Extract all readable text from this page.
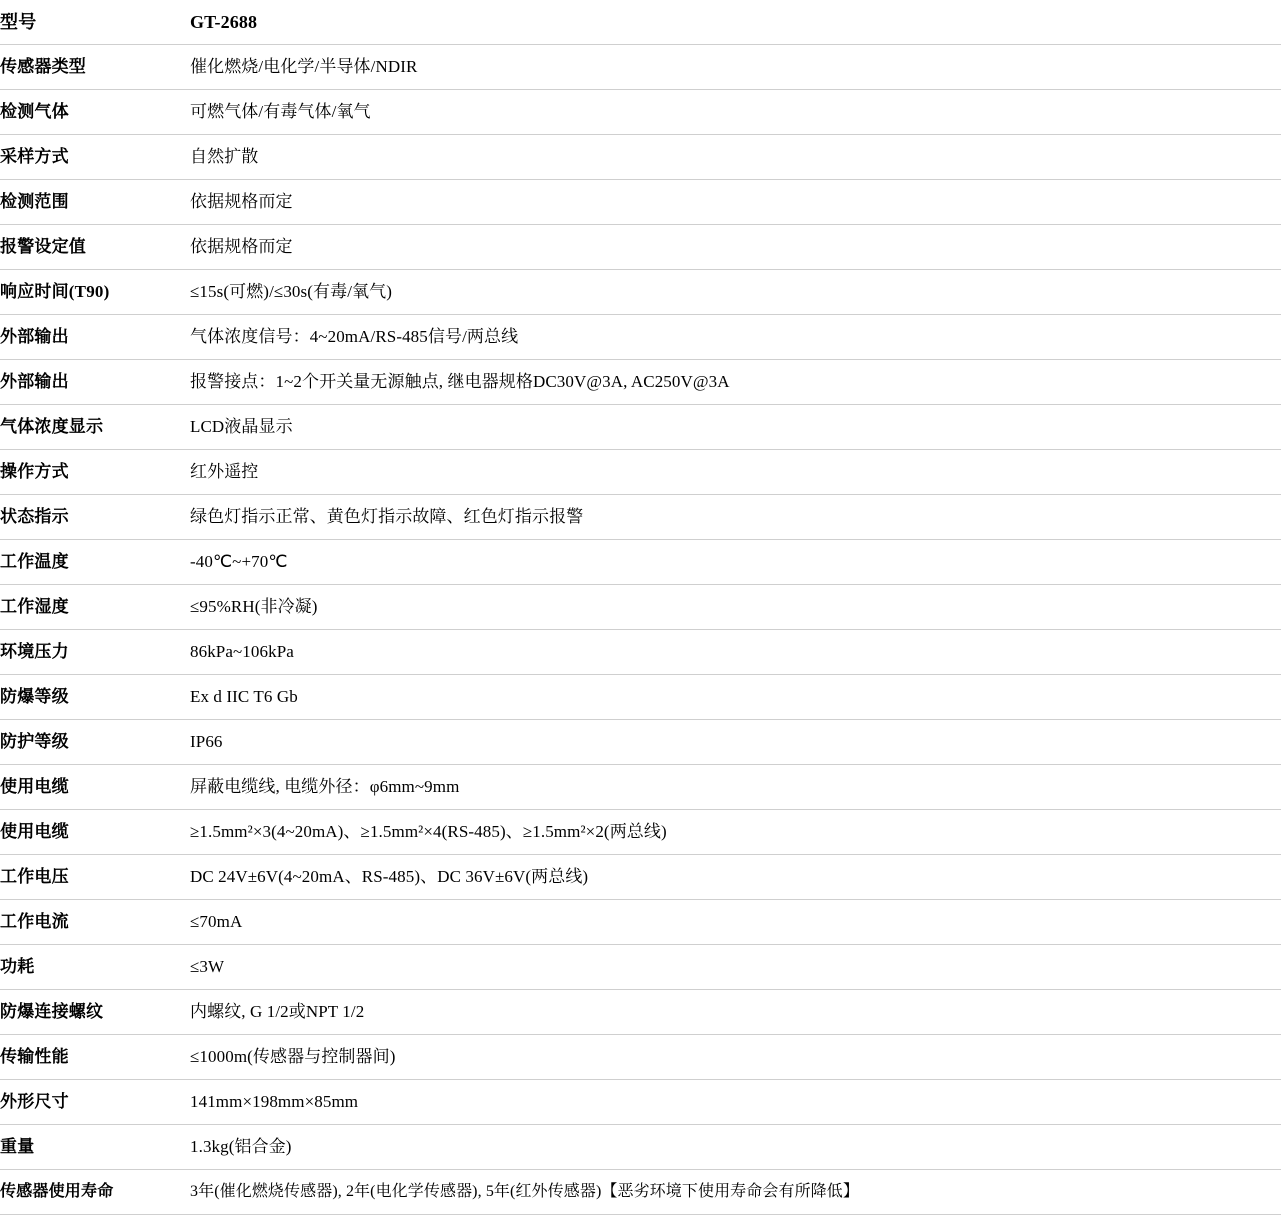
型号	GT-2688
传感器类型	催化燃烧/电化学/半导体/NDIR
检测气体	可燃气体/有毒气体/氧气
采样方式	自然扩散
检测范围	依据规格而定
报警设定值	依据规格而定
响应时间(T90)	≤15s(可燃)/≤30s(有毒/氧气)
外部输出	气体浓度信号：4~20mA/RS-485信号/两总线
外部输出	报警接点：1~2个开关量无源触点, 继电器规格DC30V@3A, AC250V@3A
气体浓度显示	LCD液晶显示
操作方式	红外遥控
状态指示	绿色灯指示正常、黄色灯指示故障、红色灯指示报警
工作温度	-40℃~+70℃
工作湿度	≤95%RH(非冷凝)
环境压力	86kPa~106kPa
防爆等级	Ex d IIC T6 Gb
防护等级	IP66
使用电缆	屏蔽电缆线, 电缆外径：φ6mm~9mm
使用电缆	≥1.5mm²×3(4~20mA)、≥1.5mm²×4(RS-485)、≥1.5mm²×2(两总线)
工作电压	DC 24V±6V(4~20mA、RS-485)、DC 36V±6V(两总线)
工作电流	≤70mA
功耗	≤3W
防爆连接螺纹	内螺纹, G 1/2或NPT 1/2
传输性能	≤1000m(传感器与控制器间)
外形尺寸	141mm×198mm×85mm
重量	1.3kg(铝合金)
传感器使用寿命	3年(催化燃烧传感器), 2年(电化学传感器), 5年(红外传感器)【恶劣环境下使用寿命会有所降低】
